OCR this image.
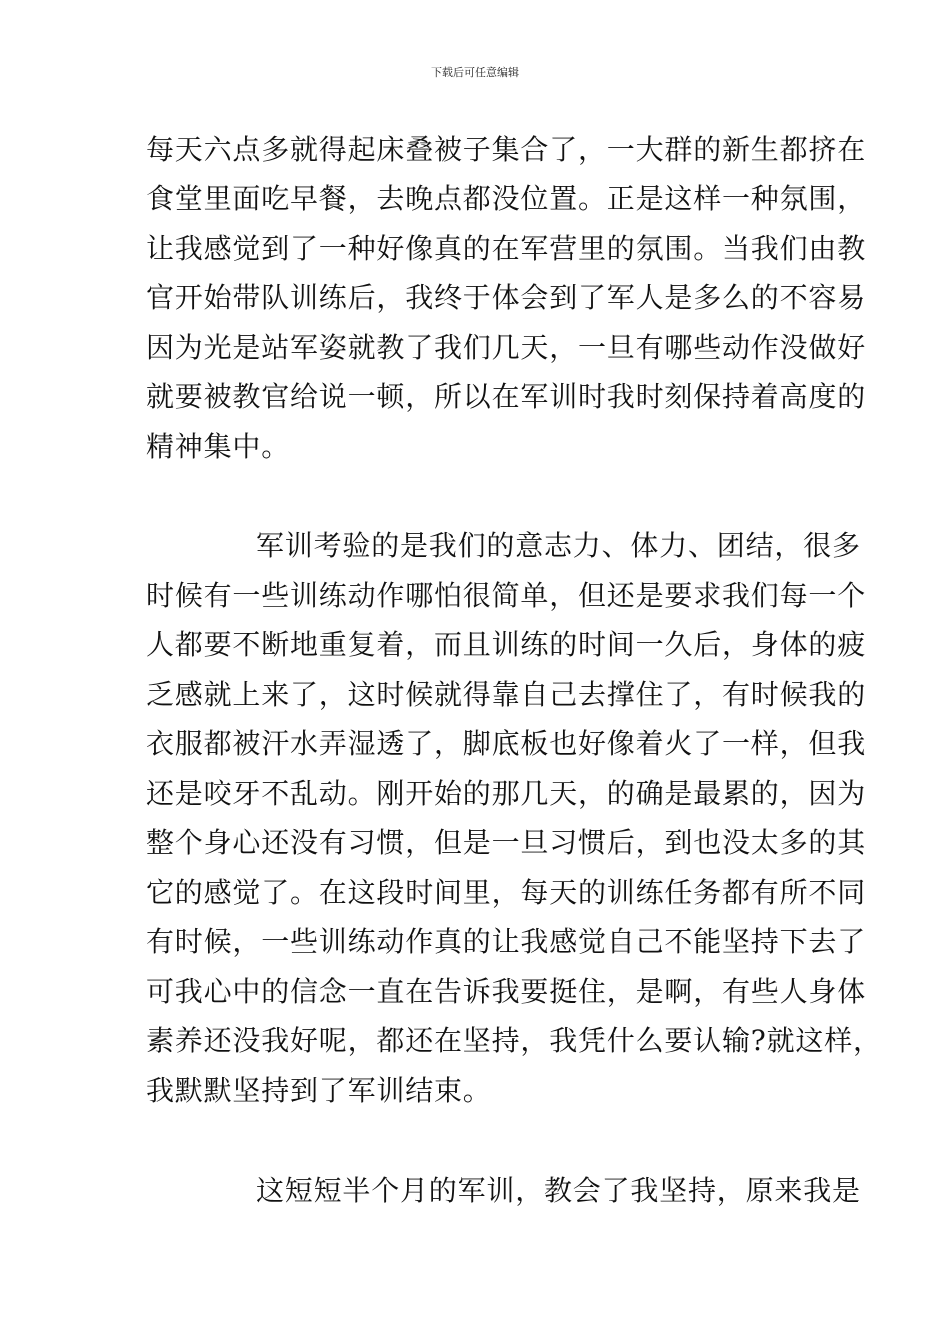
下载后可任意编辑
每天六点多就得起床叠被子集合了，一大群的新生都挤在
食堂里面吃早餐，去晚点都没位置。正是这样一种氛围，
让我感觉到了一种好像真的在军营里的氛围。当我们由教
官开始带队训练后，我终于体会到了军人是多么的不容易
因为光是站军姿就教了我们几天，一旦有哪些动作没做好
就要被教官给说一顿，所以在军训时我时刻保持着高度的
精神集中。
军训考验的是我们的意志力、体力、团结，很多
时候有一些训练动作哪怕很简单，但还是要求我们每一个
人都要不断地重复着，而且训练的时间一久后，身体的疲
乏感就上来了，这时候就得靠自己去撑住了，有时候我的
衣服都被汗水弄湿透了，脚底板也好像着火了一样，但我
还是咬牙不乱动。刚开始的那几天，的确是最累的，因为
整个身心还没有习惯，但是一旦习惯后，到也没太多的其
它的感觉了。在这段时间里，每天的训练任务都有所不同
有时候，一些训练动作真的让我感觉自己不能坚持下去了
可我心中的信念一直在告诉我要挺住，是啊，有些人身体
素养还没我好呢，都还在坚持，我凭什么要认输?就这样，
我默默坚持到了军训结束。
这短短半个月的军训，教会了我坚持，原来我是
